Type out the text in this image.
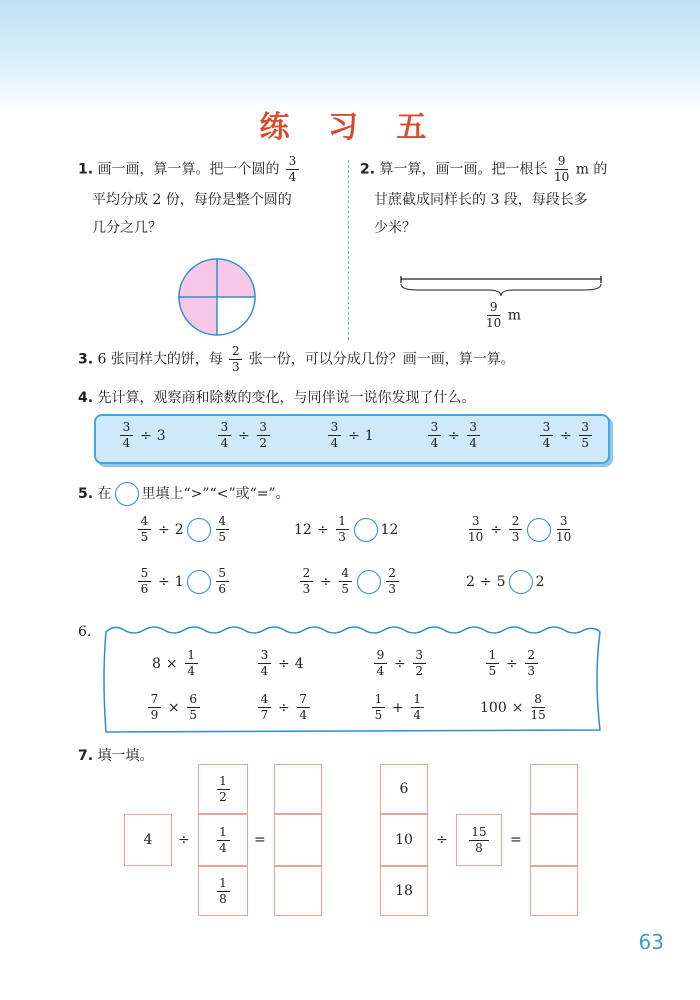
练 习 五
1. 画一画，算一算。把一个圆的 $\frac{3}{4}$
平均分成 2 份，每份是整个圆的
几分之几？
2. 算一算，画一画。把一根长 $\frac{9}{10}$ m 的
甘蔗截成同样长的 3 段，每段长多
少米？
$\frac{9}{10}$ m
3. 6 张同样大的饼，每 $\frac{2}{3}$ 张一份，可以分成几份？画一画，算一算。
4. 先计算，观察商和除数的变化，与同伴说一说你发现了什么。
$\frac{3}{4} \div 3$	$\frac{3}{4} \div \frac{3}{2}$	$\frac{3}{4} \div 1$	$\frac{3}{4} \div \frac{3}{4}$	$\frac{3}{4} \div \frac{3}{5}$
5.
在 里填上“>”“<”或“=”。
$\frac{4}{5} \div 2$	$\frac{4}{5}$	$12 \div \frac{1}{3} 12$	$\frac{3}{10} \div \frac{2}{3}$	$\frac{3}{10}$
$\frac{5}{6} \div 1$	$\frac{5}{6}$	$\frac{2}{3} \div \frac{4}{5}$	$\frac{2}{3}$	2 ÷ 5 2
6.
$8 \times \frac{1}{4}$	$\frac{3}{4} \div 4$	$\frac{9}{4} \div \frac{3}{2}$	$\frac{1}{5} \div \frac{2}{3}$
$\frac{7}{9} \times \frac{6}{5}$	$\frac{4}{7} \div \frac{7}{4}$	$\frac{1}{5} + \frac{1}{4}$	$100 \times \frac{8}{15}$
7. 填一填。
4	÷
$\frac{1}{2}$
$\frac{1}{4}$
$\frac{1}{8}$
=
6
10
18
÷ $\frac{15}{8}$ =
63
